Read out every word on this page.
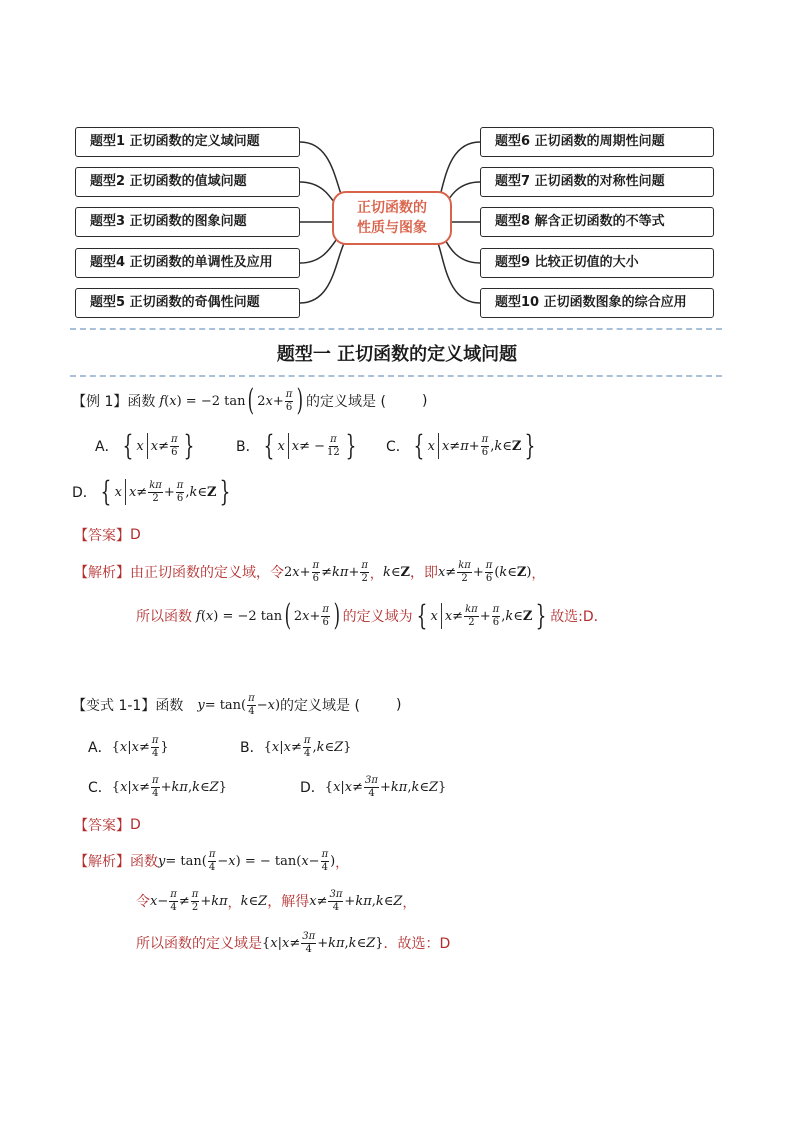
题型1 正切函数的定义域问题
题型2 正切函数的值域问题
题型3 正切函数的图象问题
题型4 正切函数的单调性及应用
题型5 正切函数的奇偶性问题
题型6 正切函数的周期性问题
题型7 正切函数的对称性问题
题型8 解含正切函数的不等式
题型9 比较正切值的大小
题型10 正切函数图象的综合应用
正切函数的
性质与图象
题型一 正切函数的定义域问题
【例 1】函数 f ( x ) = −2 tan ( 2 $x + \frac{\pi}{6}$ ) 的定义域是 (	)
A． { x $x \ne \frac{\pi}{6}$ }	B． { x x ≠ − $\frac{\pi}{12}$ } C． { x $x \ne \pi + \frac{\pi}{6}$ , k ∈ Z }
D． { x $x \ne \frac{k\pi}{2} + \frac{\pi}{6}$ , k ∈ Z }
【答案】 D
【解析】 由正切函数的定义域，令 2 $x + \frac{\pi}{6} \ne k\pi + \frac{\pi}{2}$ ， k ∈ Z ，即 $x \ne \frac{k\pi}{2} + \frac{\pi}{6}$ ( k ∈ Z ) ，
所以函数 f ( x ) = −2 tan ( 2 $x + \frac{\pi}{6}$ ) 的定义域为 { x $x \ne \frac{k\pi}{2} + \frac{\pi}{6}$ , k ∈ Z } 故选:D．
【变式 1-1】函数 $y = \tan( \frac{\pi}{4} - x$ ) 的定义域是 (	)
A． { x | $x \ne \frac{\pi}{4}$ }	B． { x | $x \ne \frac{\pi}{4}$ , k ∈ Z }
C． { x | $x \ne \frac{\pi}{4} + k\pi$ , k ∈ Z }	D． { x | $x \ne \frac{3\pi}{4} + k\pi$ , k ∈ Z }
【答案】 D
【解析】 函数 $y = \tan( \frac{\pi}{4} - x$ ) = − tan( $x - \frac{\pi}{4}$ ) ，
令 $x - \frac{\pi}{4} \ne \frac{\pi}{2} + k\pi$ ， k ∈ Z ，解得 $x \ne \frac{3\pi}{4} + k\pi$ , k ∈ Z ，
所以函数的定义域是 { x | $x \ne \frac{3\pi}{4} + k\pi$ , k ∈ Z } ．故选：D
